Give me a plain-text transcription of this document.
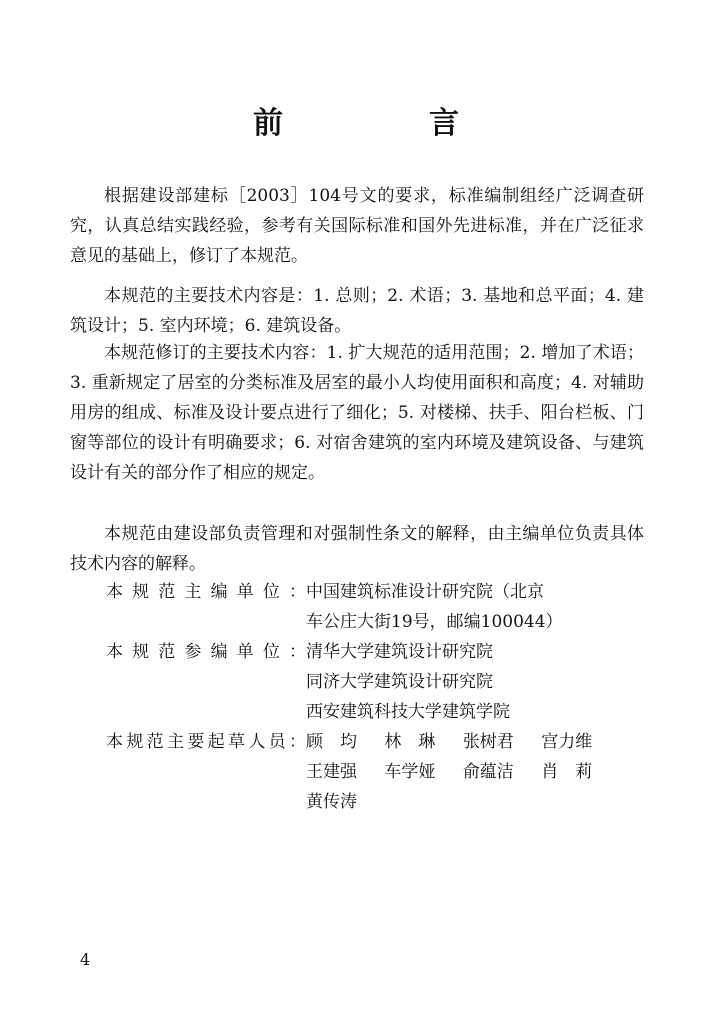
前　言

根据建设部建标［2003］104号文的要求，标准编制组经广泛调查研究，认真总结实践经验，参考有关国际标准和国外先进标准，并在广泛征求意见的基础上，修订了本规范。

本规范的主要技术内容是：1. 总则；2. 术语；3. 基地和总平面；4. 建筑设计；5. 室内环境；6. 建筑设备。

本规范修订的主要技术内容：1. 扩大规范的适用范围；2. 增加了术语；3. 重新规定了居室的分类标准及居室的最小人均使用面积和高度；4. 对辅助用房的组成、标准及设计要点进行了细化；5. 对楼梯、扶手、阳台栏板、门窗等部位的设计有明确要求；6. 对宿舍建筑的室内环境及建筑设备、与建筑设计有关的部分作了相应的规定。

本规范由建设部负责管理和对强制性条文的解释，由主编单位负责具体技术内容的解释。

本规范主编单位： 中国建筑标准设计研究院（北京
车公庄大街19号，邮编100044）
本规范参编单位： 清华大学建筑设计研究院
同济大学建筑设计研究院
西安建筑科技大学建筑学院
本规范主要起草人员： 顾　均 林　琳 张树君 宫力维
王建强 车学娅 俞蕴洁 肖　莉
黄传涛
4
